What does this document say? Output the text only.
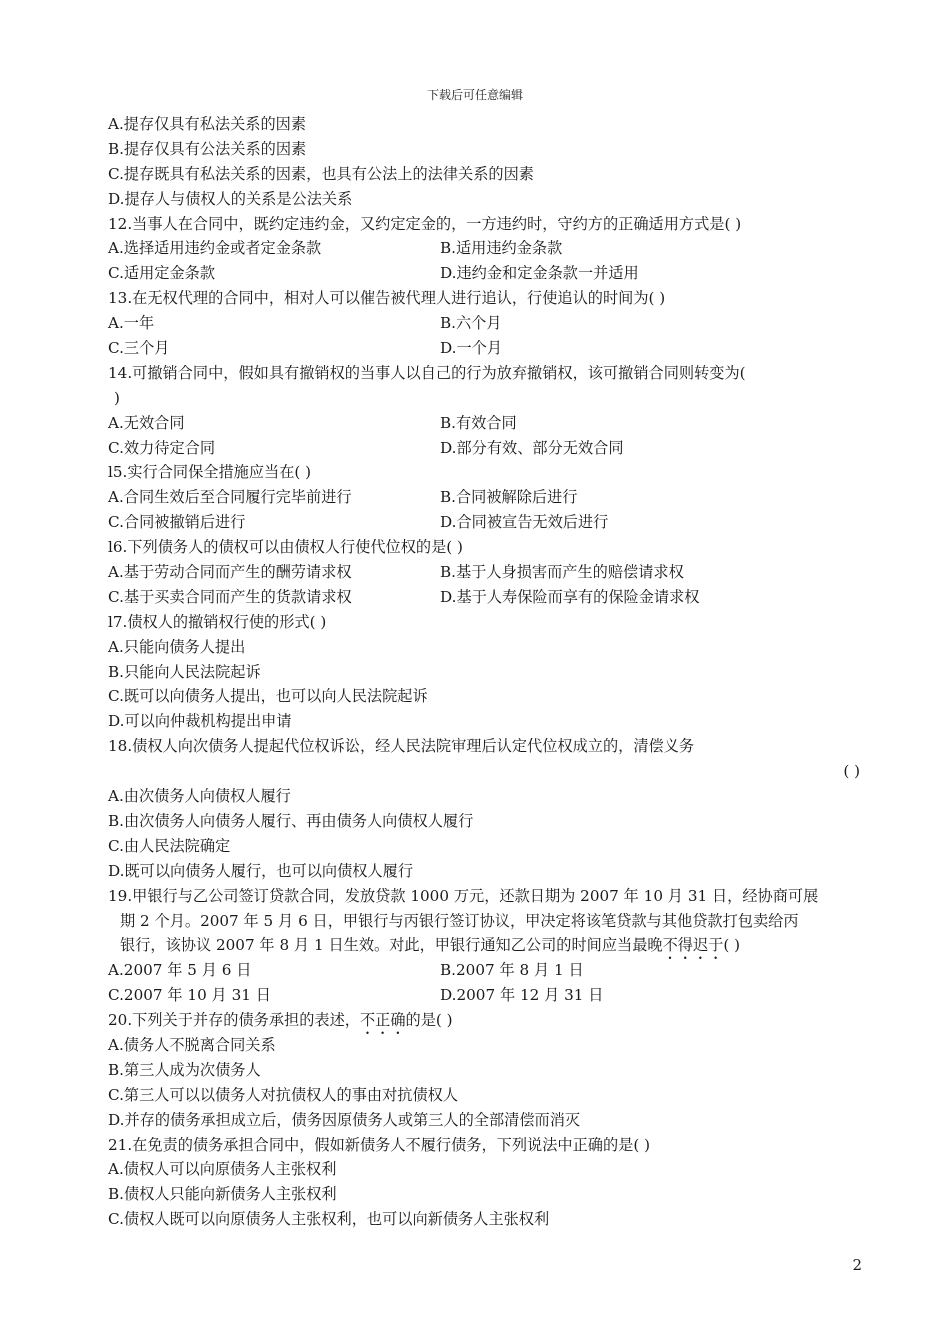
下载后可任意编辑
A.提存仅具有私法关系的因素
B.提存仅具有公法关系的因素
C.提存既具有私法关系的因素，也具有公法上的法律关系的因素
D.提存人与债权人的关系是公法关系
12.当事人在合同中，既约定违约金，又约定定金的，一方违约时，守约方的正确适用方式是( )
A.选择适用违约金或者定金条款	B.适用违约金条款
C.适用定金条款	D.违约金和定金条款一并适用
13.在无权代理的合同中，相对人可以催告被代理人进行追认，行使追认的时间为( )
A.一年	B.六个月
C.三个月	D.一个月
14.可撤销合同中，假如具有撤销权的当事人以自己的行为放弃撤销权，该可撤销合同则转变为(
)
A.无效合同	B.有效合同
C.效力待定合同	D.部分有效、部分无效合同
l5.实行合同保全措施应当在( )
A.合同生效后至合同履行完毕前进行	B.合同被解除后进行
C.合同被撤销后进行	D.合同被宣告无效后进行
l6.下列债务人的债权可以由债权人行使代位权的是( )
A.基于劳动合同而产生的酬劳请求权	B.基于人身损害而产生的赔偿请求权
C.基于买卖合同而产生的货款请求权	D.基于人寿保险而享有的保险金请求权
l7.债权人的撤销权行使的形式( )
A.只能向债务人提出
B.只能向人民法院起诉
C.既可以向债务人提出，也可以向人民法院起诉
D.可以向仲裁机构提出申请
18.债权人向次债务人提起代位权诉讼，经人民法院审理后认定代位权成立的，清偿义务
( )
A.由次债务人向债权人履行
B.由次债务人向债务人履行、再由债务人向债权人履行
C.由人民法院确定
D.既可以向债务人履行，也可以向债权人履行
19.甲银行与乙公司签订贷款合同，发放贷款 1000 万元，还款日期为 2007 年 10 月 31 日，经协商可展
期 2 个月。2007 年 5 月 6 日，甲银行与丙银行签订协议，甲决定将该笔贷款与其他贷款打包卖给丙
银行，该协议 2007 年 8 月 1 日生效。对此，甲银行通知乙公司的时间应当最晚不得迟于( )
A.2007 年 5 月 6 日	B.2007 年 8 月 1 日
C.2007 年 10 月 31 日	D.2007 年 12 月 31 日
20.下列关于并存的债务承担的表述，不正确的是( )
A.债务人不脱离合同关系
B.第三人成为次债务人
C.第三人可以以债务人对抗债权人的事由对抗债权人
D.并存的债务承担成立后，债务因原债务人或第三人的全部清偿而消灭
21.在免责的债务承担合同中，假如新债务人不履行债务，下列说法中正确的是( )
A.债权人可以向原债务人主张权利
B.债权人只能向新债务人主张权利
C.债权人既可以向原债务人主张权利，也可以向新债务人主张权利
2
